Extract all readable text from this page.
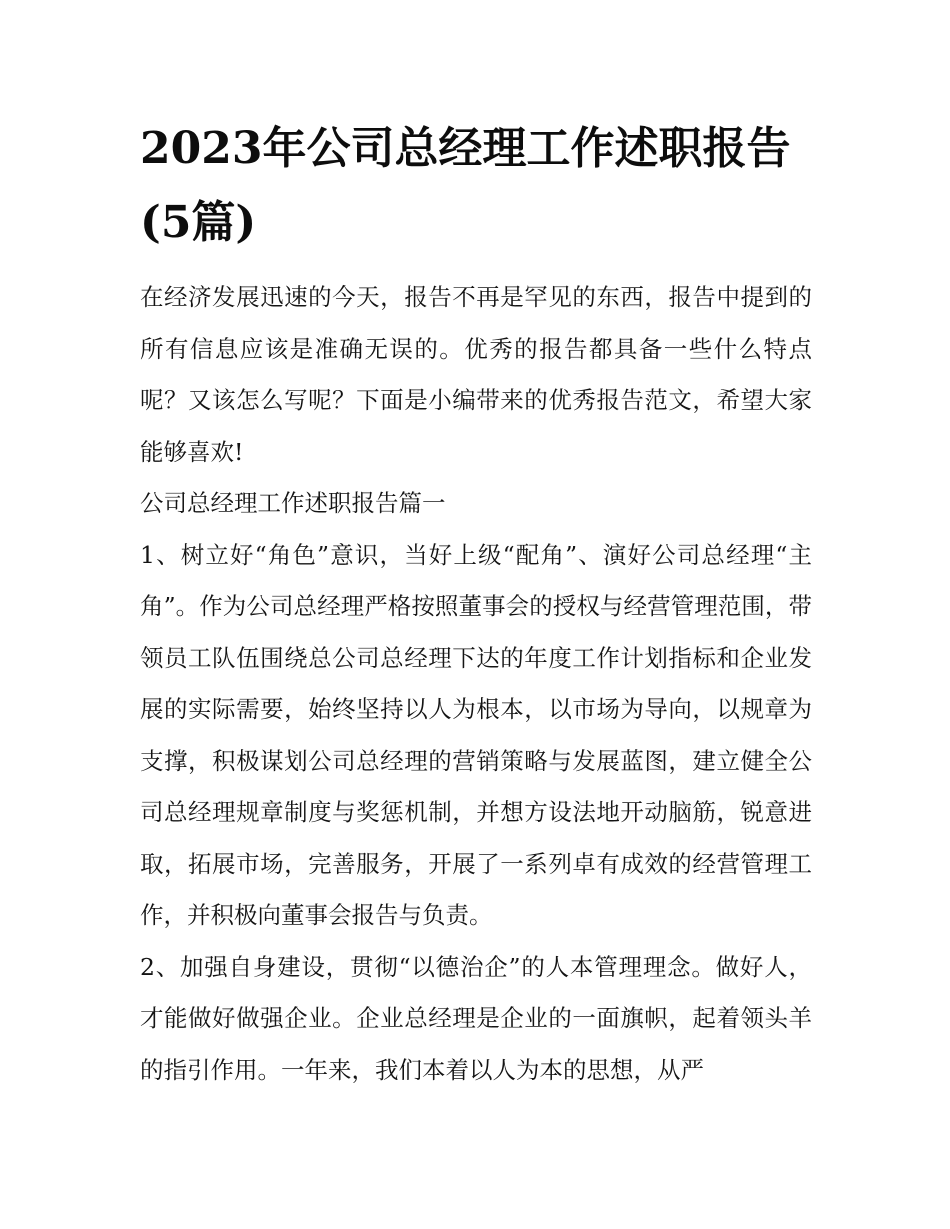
2023年公司总经理工作述职报告(5篇)

在经济发展迅速的今天，报告不再是罕见的东西，报告中提到的所有信息应该是准确无误的。优秀的报告都具备一些什么特点呢？又该怎么写呢？下面是小编带来的优秀报告范文，希望大家能够喜欢!

公司总经理工作述职报告篇一

1、树立好“角色”意识，当好上级“配角”、演好公司总经理“主角”。作为公司总经理严格按照董事会的授权与经营管理范围，带领员工队伍围绕总公司总经理下达的年度工作计划指标和企业发展的实际需要，始终坚持以人为根本，以市场为导向，以规章为支撑，积极谋划公司总经理的营销策略与发展蓝图，建立健全公司总经理规章制度与奖惩机制，并想方设法地开动脑筋，锐意进取，拓展市场，完善服务，开展了一系列卓有成效的经营管理工作，并积极向董事会报告与负责。

2、加强自身建设，贯彻“以德治企”的人本管理理念。做好人，才能做好做强企业。企业总经理是企业的一面旗帜，起着领头羊的指引作用。一年来，我们本着以人为本的思想，从严
